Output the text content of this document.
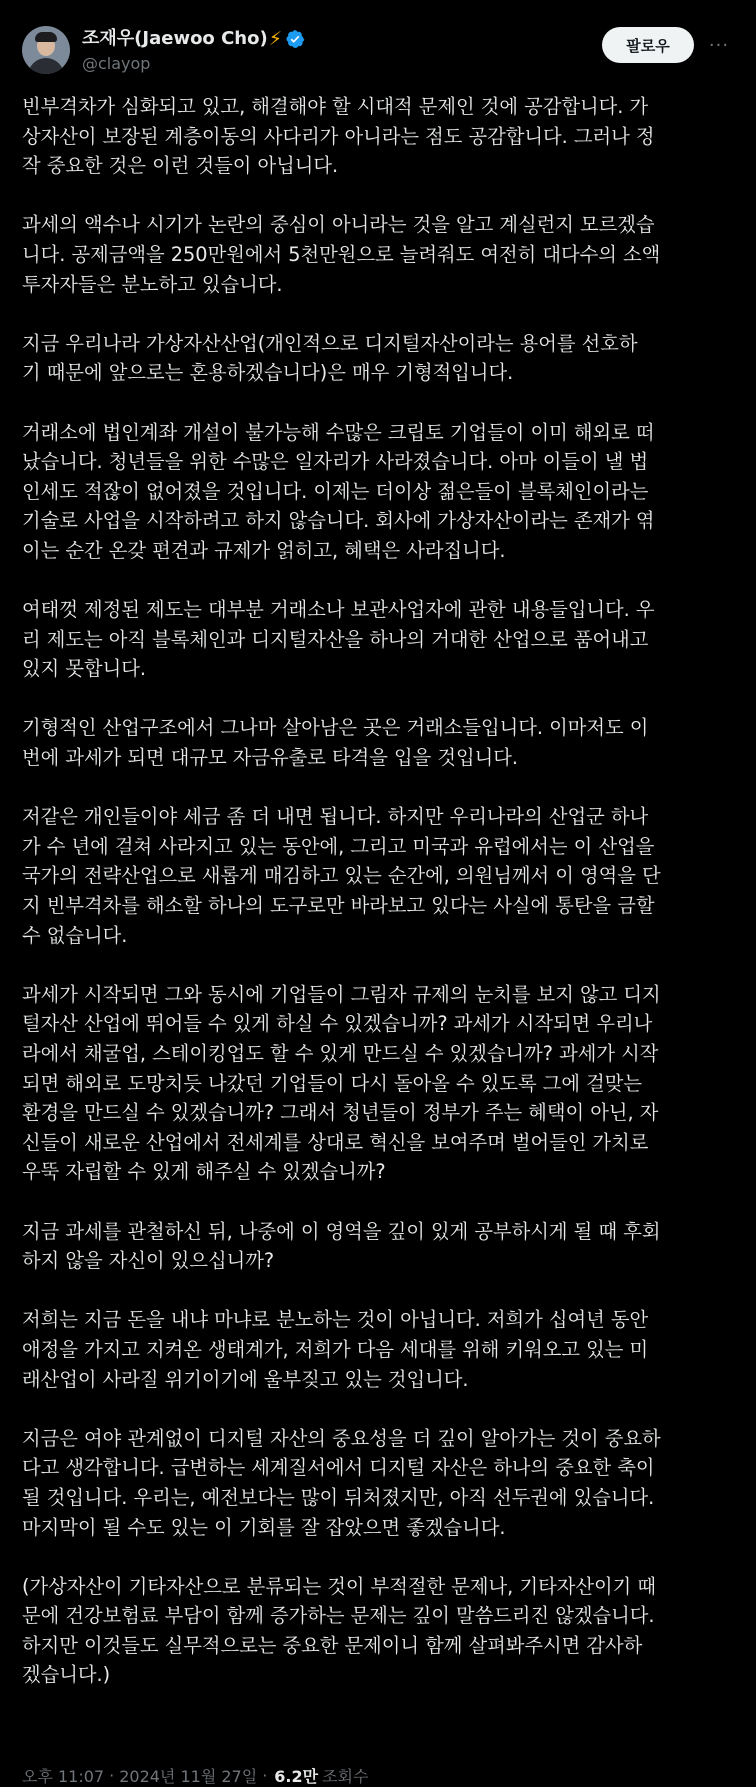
조재우(Jaewoo Cho) ⚡
@clayop
팔로우	···

빈부격차가 심화되고 있고, 해결해야 할 시대적 문제인 것에 공감합니다. 가
상자산이 보장된 계층이동의 사다리가 아니라는 점도 공감합니다. 그러나 정
작 중요한 것은 이런 것들이 아닙니다.

과세의 액수나 시기가 논란의 중심이 아니라는 것을 알고 계실런지 모르겠습
니다. 공제금액을 250만원에서 5천만원으로 늘려줘도 여전히 대다수의 소액
투자자들은 분노하고 있습니다.

지금 우리나라 가상자산산업(개인적으로 디지털자산이라는 용어를 선호하
기 때문에 앞으로는 혼용하겠습니다)은 매우 기형적입니다.

거래소에 법인계좌 개설이 불가능해 수많은 크립토 기업들이 이미 해외로 떠
났습니다. 청년들을 위한 수많은 일자리가 사라졌습니다. 아마 이들이 낼 법
인세도 적잖이 없어졌을 것입니다. 이제는 더이상 젊은들이 블록체인이라는
기술로 사업을 시작하려고 하지 않습니다. 회사에 가상자산이라는 존재가 엮
이는 순간 온갖 편견과 규제가 얽히고, 혜택은 사라집니다.

여태껏 제정된 제도는 대부분 거래소나 보관사업자에 관한 내용들입니다. 우
리 제도는 아직 블록체인과 디지털자산을 하나의 거대한 산업으로 품어내고
있지 못합니다.

기형적인 산업구조에서 그나마 살아남은 곳은 거래소들입니다. 이마저도 이
번에 과세가 되면 대규모 자금유출로 타격을 입을 것입니다.

저같은 개인들이야 세금 좀 더 내면 됩니다. 하지만 우리나라의 산업군 하나
가 수 년에 걸쳐 사라지고 있는 동안에, 그리고 미국과 유럽에서는 이 산업을
국가의 전략산업으로 새롭게 매김하고 있는 순간에, 의원님께서 이 영역을 단
지 빈부격차를 해소할 하나의 도구로만 바라보고 있다는 사실에 통탄을 금할
수 없습니다.

과세가 시작되면 그와 동시에 기업들이 그림자 규제의 눈치를 보지 않고 디지
털자산 산업에 뛰어들 수 있게 하실 수 있겠습니까? 과세가 시작되면 우리나
라에서 채굴업, 스테이킹업도 할 수 있게 만드실 수 있겠습니까? 과세가 시작
되면 해외로 도망치듯 나갔던 기업들이 다시 돌아올 수 있도록 그에 걸맞는
환경을 만드실 수 있겠습니까? 그래서 청년들이 정부가 주는 혜택이 아닌, 자
신들이 새로운 산업에서 전세계를 상대로 혁신을 보여주며 벌어들인 가치로
우뚝 자립할 수 있게 해주실 수 있겠습니까?

지금 과세를 관철하신 뒤, 나중에 이 영역을 깊이 있게 공부하시게 될 때 후회
하지 않을 자신이 있으십니까?

저희는 지금 돈을 내냐 마냐로 분노하는 것이 아닙니다. 저희가 십여년 동안
애정을 가지고 지켜온 생태계가, 저희가 다음 세대를 위해 키워오고 있는 미
래산업이 사라질 위기이기에 울부짖고 있는 것입니다.

지금은 여야 관계없이 디지털 자산의 중요성을 더 깊이 알아가는 것이 중요하
다고 생각합니다. 급변하는 세계질서에서 디지털 자산은 하나의 중요한 축이
될 것입니다. 우리는, 예전보다는 많이 뒤처졌지만, 아직 선두권에 있습니다.
마지막이 될 수도 있는 이 기회를 잘 잡았으면 좋겠습니다.

(가상자산이 기타자산으로 분류되는 것이 부적절한 문제나, 기타자산이기 때
문에 건강보험료 부담이 함께 증가하는 문제는 깊이 말씀드리진 않겠습니다.
하지만 이것들도 실무적으로는 중요한 문제이니 함께 살펴봐주시면 감사하
겠습니다.)

오후 11:07 · 2024년 11월 27일 · 6.2만 조회수
